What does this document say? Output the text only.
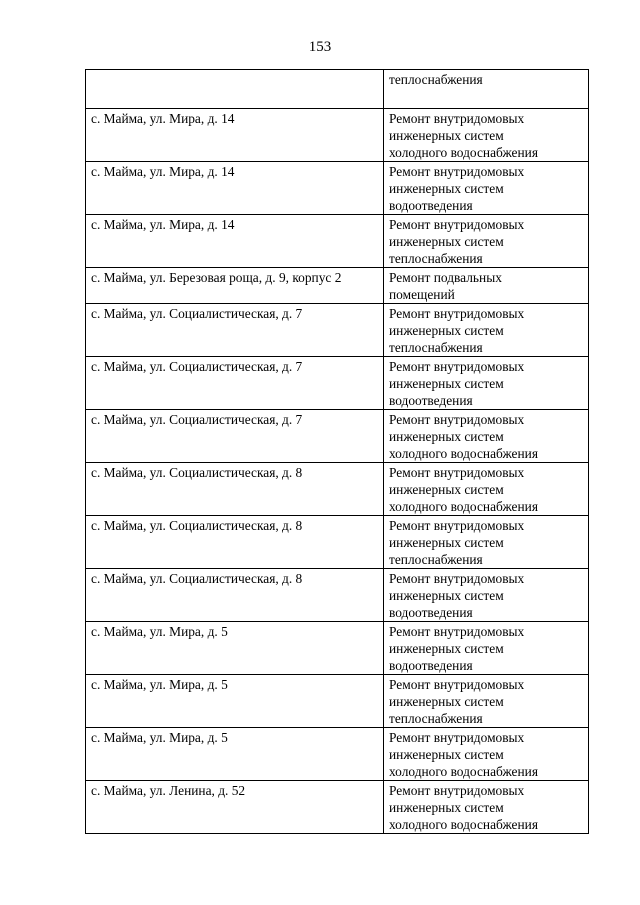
153

	теплоснабжения

с. Майма, ул. Мира, д. 14	Ремонт внутридомовых
инженерных систем
холодного водоснабжения

с. Майма, ул. Мира, д. 14	Ремонт внутридомовых
инженерных систем
водоотведения

с. Майма, ул. Мира, д. 14	Ремонт внутридомовых
инженерных систем
теплоснабжения

с. Майма, ул. Березовая роща, д. 9, корпус 2	Ремонт подвальных
помещений

с. Майма, ул. Социалистическая, д. 7	Ремонт внутридомовых
инженерных систем
теплоснабжения

с. Майма, ул. Социалистическая, д. 7	Ремонт внутридомовых
инженерных систем
водоотведения

с. Майма, ул. Социалистическая, д. 7	Ремонт внутридомовых
инженерных систем
холодного водоснабжения

с. Майма, ул. Социалистическая, д. 8	Ремонт внутридомовых
инженерных систем
холодного водоснабжения

с. Майма, ул. Социалистическая, д. 8	Ремонт внутридомовых
инженерных систем
теплоснабжения

с. Майма, ул. Социалистическая, д. 8	Ремонт внутридомовых
инженерных систем
водоотведения

с. Майма, ул. Мира, д. 5	Ремонт внутридомовых
инженерных систем
водоотведения

с. Майма, ул. Мира, д. 5	Ремонт внутридомовых
инженерных систем
теплоснабжения

с. Майма, ул. Мира, д. 5	Ремонт внутридомовых
инженерных систем
холодного водоснабжения

с. Майма, ул. Ленина, д. 52	Ремонт внутридомовых
инженерных систем
холодного водоснабжения
